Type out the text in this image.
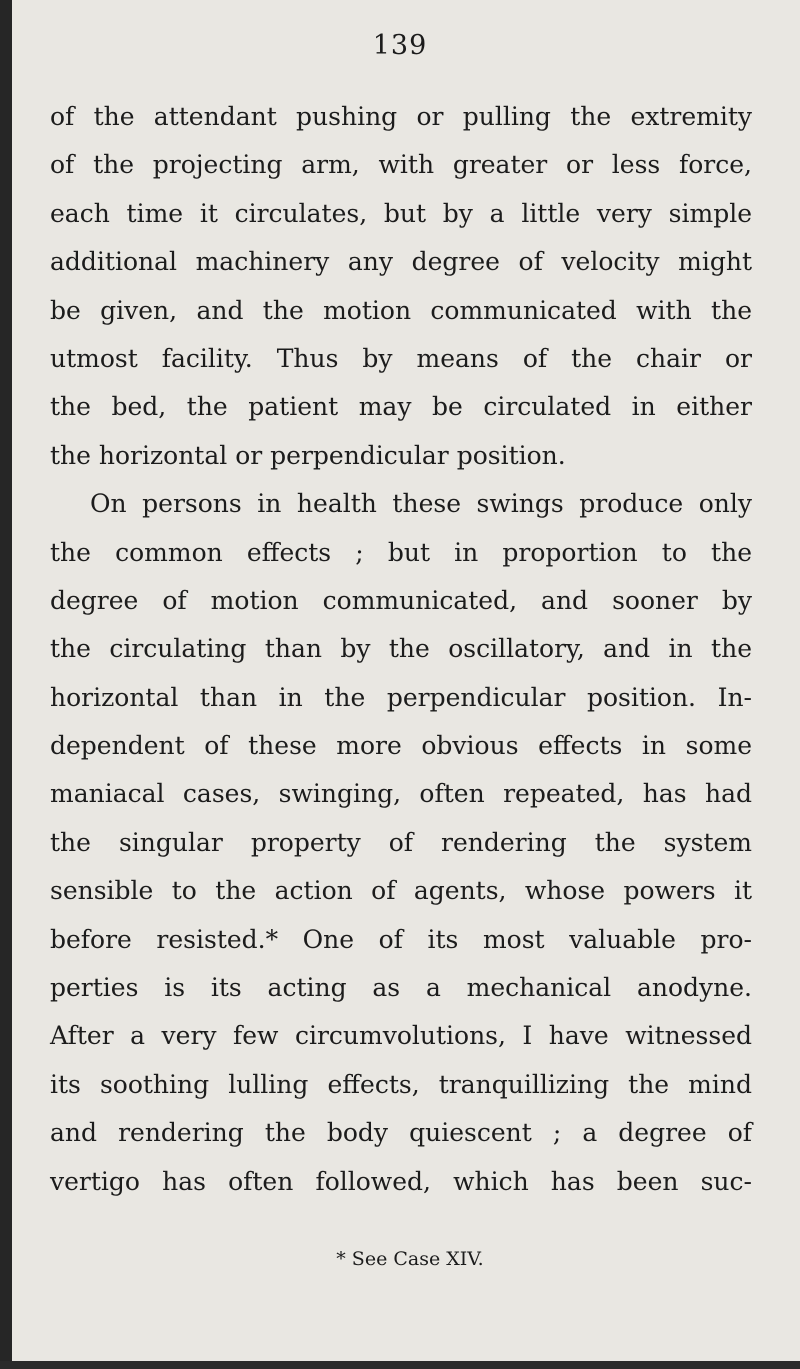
139
of the attendant pushing or pulling the extremity
of the projecting arm, with greater or less force,
each time it circulates, but by a little very simple
additional machinery any degree of velocity might
be given, and the motion communicated with the
utmost facility. Thus by means of the chair or
the bed, the patient may be circulated in either
the horizontal or perpendicular position.
On persons in health these swings produce only
the common effects ; but in proportion to the
degree of motion communicated, and sooner by
the circulating than by the oscillatory, and in the
horizontal than in the perpendicular position. In-
dependent of these more obvious effects in some
maniacal cases, swinging, often repeated, has had
the singular property of rendering the system
sensible to the action of agents, whose powers it
before resisted.* One of its most valuable pro-
perties is its acting as a mechanical anodyne.
After a very few circumvolutions, I have witnessed
its soothing lulling effects, tranquillizing the mind
and rendering the body quiescent ; a degree of
vertigo has often followed, which has been suc-
* See Case XIV.
